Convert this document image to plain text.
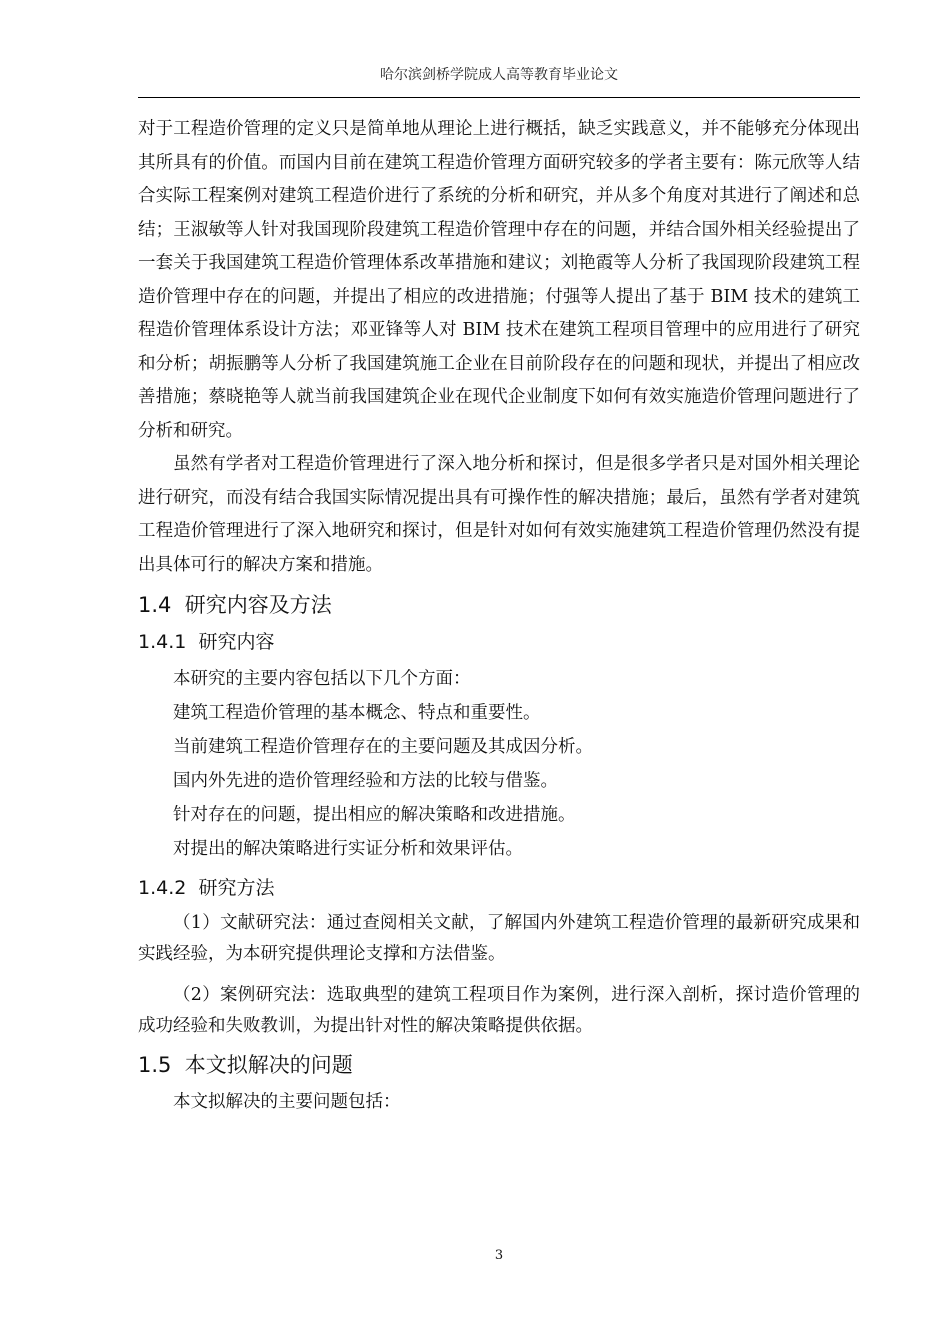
哈尔滨剑桥学院成人高等教育毕业论文

对于工程造价管理的定义只是简单地从理论上进行概括，缺乏实践意义，并不能够充分体现出其所具有的价值。而国内目前在建筑工程造价管理方面研究较多的学者主要有：陈元欣等人结合实际工程案例对建筑工程造价进行了系统的分析和研究，并从多个角度对其进行了阐述和总结；王淑敏等人针对我国现阶段建筑工程造价管理中存在的问题，并结合国外相关经验提出了一套关于我国建筑工程造价管理体系改革措施和建议；刘艳霞等人分析了我国现阶段建筑工程造价管理中存在的问题，并提出了相应的改进措施；付强等人提出了基于 BIM 技术的建筑工程造价管理体系设计方法；邓亚锋等人对 BIM 技术在建筑工程项目管理中的应用进行了研究和分析；胡振鹏等人分析了我国建筑施工企业在目前阶段存在的问题和现状，并提出了相应改善措施；蔡晓艳等人就当前我国建筑企业在现代企业制度下如何有效实施造价管理问题进行了分析和研究。

虽然有学者对工程造价管理进行了深入地分析和探讨，但是很多学者只是对国外相关理论进行研究，而没有结合我国实际情况提出具有可操作性的解决措施；最后，虽然有学者对建筑工程造价管理进行了深入地研究和探讨，但是针对如何有效实施建筑工程造价管理仍然没有提出具体可行的解决方案和措施。

1.4 研究内容及方法
1.4.1 研究内容

本研究的主要内容包括以下几个方面：

建筑工程造价管理的基本概念、特点和重要性。

当前建筑工程造价管理存在的主要问题及其成因分析。

国内外先进的造价管理经验和方法的比较与借鉴。

针对存在的问题，提出相应的解决策略和改进措施。

对提出的解决策略进行实证分析和效果评估。

1.4.2 研究方法

（1）文献研究法：通过查阅相关文献，了解国内外建筑工程造价管理的最新研究成果和实践经验，为本研究提供理论支撑和方法借鉴。

（2）案例研究法：选取典型的建筑工程项目作为案例，进行深入剖析，探讨造价管理的成功经验和失败教训，为提出针对性的解决策略提供依据。

1.5 本文拟解决的问题

本文拟解决的主要问题包括：

3
